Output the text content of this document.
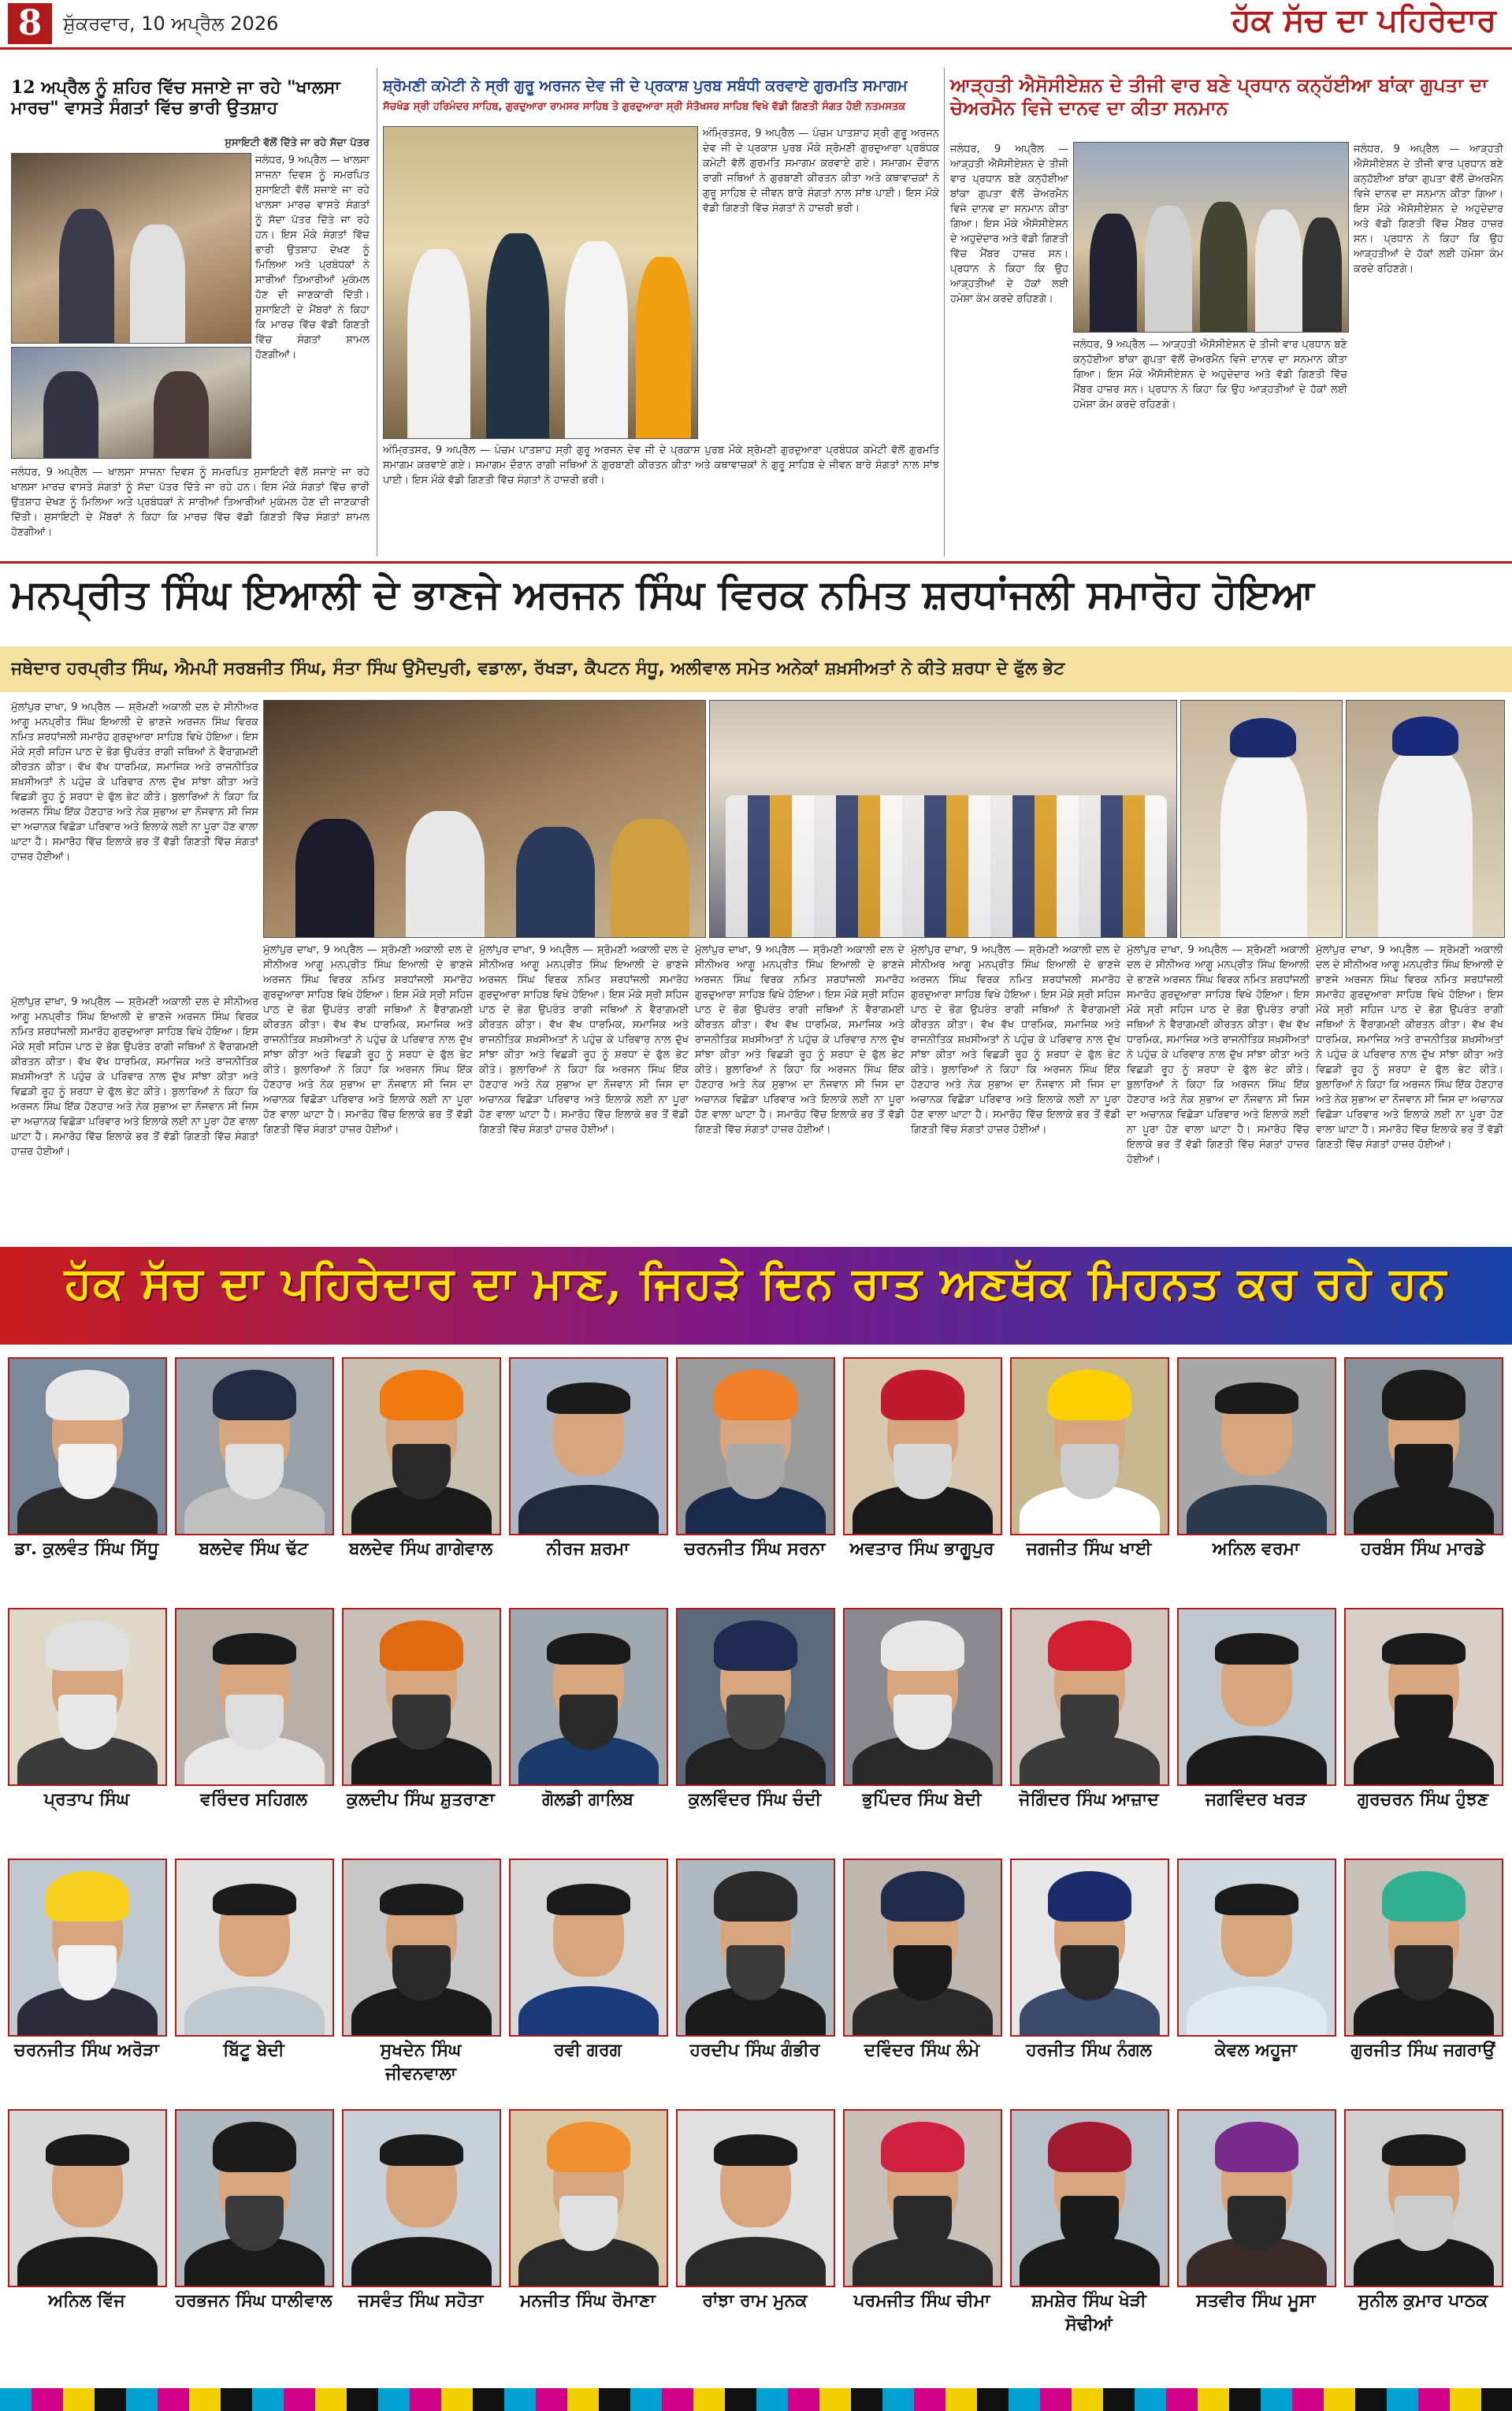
8	ਸ਼ੁੱਕਰਵਾਰ, 10 ਅਪ੍ਰੈਲ 2026	ਹੱਕ ਸੱਚ ਦਾ ਪਹਿਰੇਦਾਰ
12 ਅਪ੍ਰੈਲ ਨੂੰ ਸ਼ਹਿਰ ਵਿੱਚ ਸਜਾਏ ਜਾ ਰਹੇ "ਖਾਲਸਾ ਮਾਰਚ" ਵਾਸਤੇ ਸੰਗਤਾਂ ਵਿੱਚ ਭਾਰੀ ਉਤਸ਼ਾਹ
ਸੁਸਾਇਟੀ ਵੱਲੋਂ ਦਿੱਤੇ ਜਾ ਰਹੇ ਸੱਦਾ ਪੱਤਰ
ਜਲੰਧਰ, 9 ਅਪ੍ਰੈਲ — ਖਾਲਸਾ ਸਾਜਨਾ ਦਿਵਸ ਨੂੰ ਸਮਰਪਿਤ ਸੁਸਾਇਟੀ ਵੱਲੋਂ ਸਜਾਏ ਜਾ ਰਹੇ ਖਾਲਸਾ ਮਾਰਚ ਵਾਸਤੇ ਸੰਗਤਾਂ ਨੂੰ ਸੱਦਾ ਪੱਤਰ ਦਿੱਤੇ ਜਾ ਰਹੇ ਹਨ। ਇਸ ਮੌਕੇ ਸੰਗਤਾਂ ਵਿੱਚ ਭਾਰੀ ਉਤਸ਼ਾਹ ਦੇਖਣ ਨੂੰ ਮਿਲਿਆ ਅਤੇ ਪ੍ਰਬੰਧਕਾਂ ਨੇ ਸਾਰੀਆਂ ਤਿਆਰੀਆਂ ਮੁਕੰਮਲ ਹੋਣ ਦੀ ਜਾਣਕਾਰੀ ਦਿੱਤੀ। ਸੁਸਾਇਟੀ ਦੇ ਮੈਂਬਰਾਂ ਨੇ ਕਿਹਾ ਕਿ ਮਾਰਚ ਵਿੱਚ ਵੱਡੀ ਗਿਣਤੀ ਵਿੱਚ ਸੰਗਤਾਂ ਸ਼ਾਮਲ ਹੋਣਗੀਆਂ।
ਜਲੰਧਰ, 9 ਅਪ੍ਰੈਲ — ਖਾਲਸਾ ਸਾਜਨਾ ਦਿਵਸ ਨੂੰ ਸਮਰਪਿਤ ਸੁਸਾਇਟੀ ਵੱਲੋਂ ਸਜਾਏ ਜਾ ਰਹੇ ਖਾਲਸਾ ਮਾਰਚ ਵਾਸਤੇ ਸੰਗਤਾਂ ਨੂੰ ਸੱਦਾ ਪੱਤਰ ਦਿੱਤੇ ਜਾ ਰਹੇ ਹਨ। ਇਸ ਮੌਕੇ ਸੰਗਤਾਂ ਵਿੱਚ ਭਾਰੀ ਉਤਸ਼ਾਹ ਦੇਖਣ ਨੂੰ ਮਿਲਿਆ ਅਤੇ ਪ੍ਰਬੰਧਕਾਂ ਨੇ ਸਾਰੀਆਂ ਤਿਆਰੀਆਂ ਮੁਕੰਮਲ ਹੋਣ ਦੀ ਜਾਣਕਾਰੀ ਦਿੱਤੀ। ਸੁਸਾਇਟੀ ਦੇ ਮੈਂਬਰਾਂ ਨੇ ਕਿਹਾ ਕਿ ਮਾਰਚ ਵਿੱਚ ਵੱਡੀ ਗਿਣਤੀ ਵਿੱਚ ਸੰਗਤਾਂ ਸ਼ਾਮਲ ਹੋਣਗੀਆਂ।
ਸ਼੍ਰੋਮਣੀ ਕਮੇਟੀ ਨੇ ਸ੍ਰੀ ਗੁਰੂ ਅਰਜਨ ਦੇਵ ਜੀ ਦੇ ਪ੍ਰਕਾਸ਼ ਪੁਰਬ ਸਬੰਧੀ ਕਰਵਾਏ ਗੁਰਮਤਿ ਸਮਾਗਮ
ਸੱਚਖੰਡ ਸ੍ਰੀ ਹਰਿਮੰਦਰ ਸਾਹਿਬ, ਗੁਰਦੁਆਰਾ ਰਾਮਸਰ ਸਾਹਿਬ ਤੇ ਗੁਰਦੁਆਰਾ ਸ੍ਰੀ ਸੰਤੋਖਸਰ ਸਾਹਿਬ ਵਿਖੇ ਵੱਡੀ ਗਿਣਤੀ ਸੰਗਤ ਹੋਈ ਨਤਮਸਤਕ
ਅੰਮ੍ਰਿਤਸਰ, 9 ਅਪ੍ਰੈਲ — ਪੰਚਮ ਪਾਤਸ਼ਾਹ ਸ੍ਰੀ ਗੁਰੂ ਅਰਜਨ ਦੇਵ ਜੀ ਦੇ ਪ੍ਰਕਾਸ਼ ਪੁਰਬ ਮੌਕੇ ਸ਼੍ਰੋਮਣੀ ਗੁਰਦੁਆਰਾ ਪ੍ਰਬੰਧਕ ਕਮੇਟੀ ਵੱਲੋਂ ਗੁਰਮਤਿ ਸਮਾਗਮ ਕਰਵਾਏ ਗਏ। ਸਮਾਗਮ ਦੌਰਾਨ ਰਾਗੀ ਜਥਿਆਂ ਨੇ ਗੁਰਬਾਣੀ ਕੀਰਤਨ ਕੀਤਾ ਅਤੇ ਕਥਾਵਾਚਕਾਂ ਨੇ ਗੁਰੂ ਸਾਹਿਬ ਦੇ ਜੀਵਨ ਬਾਰੇ ਸੰਗਤਾਂ ਨਾਲ ਸਾਂਝ ਪਾਈ। ਇਸ ਮੌਕੇ ਵੱਡੀ ਗਿਣਤੀ ਵਿੱਚ ਸੰਗਤਾਂ ਨੇ ਹਾਜ਼ਰੀ ਭਰੀ।
ਅੰਮ੍ਰਿਤਸਰ, 9 ਅਪ੍ਰੈਲ — ਪੰਚਮ ਪਾਤਸ਼ਾਹ ਸ੍ਰੀ ਗੁਰੂ ਅਰਜਨ ਦੇਵ ਜੀ ਦੇ ਪ੍ਰਕਾਸ਼ ਪੁਰਬ ਮੌਕੇ ਸ਼੍ਰੋਮਣੀ ਗੁਰਦੁਆਰਾ ਪ੍ਰਬੰਧਕ ਕਮੇਟੀ ਵੱਲੋਂ ਗੁਰਮਤਿ ਸਮਾਗਮ ਕਰਵਾਏ ਗਏ। ਸਮਾਗਮ ਦੌਰਾਨ ਰਾਗੀ ਜਥਿਆਂ ਨੇ ਗੁਰਬਾਣੀ ਕੀਰਤਨ ਕੀਤਾ ਅਤੇ ਕਥਾਵਾਚਕਾਂ ਨੇ ਗੁਰੂ ਸਾਹਿਬ ਦੇ ਜੀਵਨ ਬਾਰੇ ਸੰਗਤਾਂ ਨਾਲ ਸਾਂਝ ਪਾਈ। ਇਸ ਮੌਕੇ ਵੱਡੀ ਗਿਣਤੀ ਵਿੱਚ ਸੰਗਤਾਂ ਨੇ ਹਾਜ਼ਰੀ ਭਰੀ।
ਆੜ੍ਹਤੀ ਐਸੋਸੀਏਸ਼ਨ ਦੇ ਤੀਜੀ ਵਾਰ ਬਣੇ ਪ੍ਰਧਾਨ ਕਨ੍ਹੱਈਆ ਬਾਂਕਾ ਗੁਪਤਾ ਦਾ ਚੇਅਰਮੈਨ ਵਿਜੇ ਦਾਨਵ ਦਾ ਕੀਤਾ ਸਨਮਾਨ
ਜਲੰਧਰ, 9 ਅਪ੍ਰੈਲ — ਆੜ੍ਹਤੀ ਐਸੋਸੀਏਸ਼ਨ ਦੇ ਤੀਜੀ ਵਾਰ ਪ੍ਰਧਾਨ ਬਣੇ ਕਨ੍ਹੱਈਆ ਬਾਂਕਾ ਗੁਪਤਾ ਵੱਲੋਂ ਚੇਅਰਮੈਨ ਵਿਜੇ ਦਾਨਵ ਦਾ ਸਨਮਾਨ ਕੀਤਾ ਗਿਆ। ਇਸ ਮੌਕੇ ਐਸੋਸੀਏਸ਼ਨ ਦੇ ਅਹੁਦੇਦਾਰ ਅਤੇ ਵੱਡੀ ਗਿਣਤੀ ਵਿੱਚ ਮੈਂਬਰ ਹਾਜ਼ਰ ਸਨ। ਪ੍ਰਧਾਨ ਨੇ ਕਿਹਾ ਕਿ ਉਹ ਆੜ੍ਹਤੀਆਂ ਦੇ ਹੱਕਾਂ ਲਈ ਹਮੇਸ਼ਾ ਕੰਮ ਕਰਦੇ ਰਹਿਣਗੇ।
ਜਲੰਧਰ, 9 ਅਪ੍ਰੈਲ — ਆੜ੍ਹਤੀ ਐਸੋਸੀਏਸ਼ਨ ਦੇ ਤੀਜੀ ਵਾਰ ਪ੍ਰਧਾਨ ਬਣੇ ਕਨ੍ਹੱਈਆ ਬਾਂਕਾ ਗੁਪਤਾ ਵੱਲੋਂ ਚੇਅਰਮੈਨ ਵਿਜੇ ਦਾਨਵ ਦਾ ਸਨਮਾਨ ਕੀਤਾ ਗਿਆ। ਇਸ ਮੌਕੇ ਐਸੋਸੀਏਸ਼ਨ ਦੇ ਅਹੁਦੇਦਾਰ ਅਤੇ ਵੱਡੀ ਗਿਣਤੀ ਵਿੱਚ ਮੈਂਬਰ ਹਾਜ਼ਰ ਸਨ। ਪ੍ਰਧਾਨ ਨੇ ਕਿਹਾ ਕਿ ਉਹ ਆੜ੍ਹਤੀਆਂ ਦੇ ਹੱਕਾਂ ਲਈ ਹਮੇਸ਼ਾ ਕੰਮ ਕਰਦੇ ਰਹਿਣਗੇ।
ਜਲੰਧਰ, 9 ਅਪ੍ਰੈਲ — ਆੜ੍ਹਤੀ ਐਸੋਸੀਏਸ਼ਨ ਦੇ ਤੀਜੀ ਵਾਰ ਪ੍ਰਧਾਨ ਬਣੇ ਕਨ੍ਹੱਈਆ ਬਾਂਕਾ ਗੁਪਤਾ ਵੱਲੋਂ ਚੇਅਰਮੈਨ ਵਿਜੇ ਦਾਨਵ ਦਾ ਸਨਮਾਨ ਕੀਤਾ ਗਿਆ। ਇਸ ਮੌਕੇ ਐਸੋਸੀਏਸ਼ਨ ਦੇ ਅਹੁਦੇਦਾਰ ਅਤੇ ਵੱਡੀ ਗਿਣਤੀ ਵਿੱਚ ਮੈਂਬਰ ਹਾਜ਼ਰ ਸਨ। ਪ੍ਰਧਾਨ ਨੇ ਕਿਹਾ ਕਿ ਉਹ ਆੜ੍ਹਤੀਆਂ ਦੇ ਹੱਕਾਂ ਲਈ ਹਮੇਸ਼ਾ ਕੰਮ ਕਰਦੇ ਰਹਿਣਗੇ।
ਮਨਪ੍ਰੀਤ ਸਿੰਘ ਇਆਲੀ ਦੇ ਭਾਣਜੇ ਅਰਜਨ ਸਿੰਘ ਵਿਰਕ ਨਮਿਤ ਸ਼ਰਧਾਂਜਲੀ ਸਮਾਰੋਹ ਹੋਇਆ
ਜਥੇਦਾਰ ਹਰਪ੍ਰੀਤ ਸਿੰਘ, ਐਮਪੀ ਸਰਬਜੀਤ ਸਿੰਘ, ਸੰਤਾ ਸਿੰਘ ਉਮੈਦਪੁਰੀ, ਵਡਾਲਾ, ਰੱਖੜਾ, ਕੈਪਟਨ ਸੰਧੂ, ਅਲੀਵਾਲ ਸਮੇਤ ਅਨੇਕਾਂ ਸ਼ਖ਼ਸੀਅਤਾਂ ਨੇ ਕੀਤੇ ਸ਼ਰਧਾ ਦੇ ਫੁੱਲ ਭੇਟ
ਮੁੱਲਾਂਪੁਰ ਦਾਖਾ, 9 ਅਪ੍ਰੈਲ — ਸ਼੍ਰੋਮਣੀ ਅਕਾਲੀ ਦਲ ਦੇ ਸੀਨੀਅਰ ਆਗੂ ਮਨਪ੍ਰੀਤ ਸਿੰਘ ਇਆਲੀ ਦੇ ਭਾਣਜੇ ਅਰਜਨ ਸਿੰਘ ਵਿਰਕ ਨਮਿਤ ਸ਼ਰਧਾਂਜਲੀ ਸਮਾਰੋਹ ਗੁਰਦੁਆਰਾ ਸਾਹਿਬ ਵਿਖੇ ਹੋਇਆ। ਇਸ ਮੌਕੇ ਸ੍ਰੀ ਸਹਿਜ ਪਾਠ ਦੇ ਭੋਗ ਉਪਰੰਤ ਰਾਗੀ ਜਥਿਆਂ ਨੇ ਵੈਰਾਗਮਈ ਕੀਰਤਨ ਕੀਤਾ। ਵੱਖ ਵੱਖ ਧਾਰਮਿਕ, ਸਮਾਜਿਕ ਅਤੇ ਰਾਜਨੀਤਿਕ ਸ਼ਖ਼ਸੀਅਤਾਂ ਨੇ ਪਹੁੰਚ ਕੇ ਪਰਿਵਾਰ ਨਾਲ ਦੁੱਖ ਸਾਂਝਾ ਕੀਤਾ ਅਤੇ ਵਿਛੜੀ ਰੂਹ ਨੂੰ ਸ਼ਰਧਾ ਦੇ ਫੁੱਲ ਭੇਟ ਕੀਤੇ। ਬੁਲਾਰਿਆਂ ਨੇ ਕਿਹਾ ਕਿ ਅਰਜਨ ਸਿੰਘ ਇੱਕ ਹੋਣਹਾਰ ਅਤੇ ਨੇਕ ਸੁਭਾਅ ਦਾ ਨੌਜਵਾਨ ਸੀ ਜਿਸ ਦਾ ਅਚਾਨਕ ਵਿਛੋੜਾ ਪਰਿਵਾਰ ਅਤੇ ਇਲਾਕੇ ਲਈ ਨਾ ਪੂਰਾ ਹੋਣ ਵਾਲਾ ਘਾਟਾ ਹੈ। ਸਮਾਰੋਹ ਵਿੱਚ ਇਲਾਕੇ ਭਰ ਤੋਂ ਵੱਡੀ ਗਿਣਤੀ ਵਿੱਚ ਸੰਗਤਾਂ ਹਾਜ਼ਰ ਹੋਈਆਂ।
ਮੁੱਲਾਂਪੁਰ ਦਾਖਾ, 9 ਅਪ੍ਰੈਲ — ਸ਼੍ਰੋਮਣੀ ਅਕਾਲੀ ਦਲ ਦੇ ਸੀਨੀਅਰ ਆਗੂ ਮਨਪ੍ਰੀਤ ਸਿੰਘ ਇਆਲੀ ਦੇ ਭਾਣਜੇ ਅਰਜਨ ਸਿੰਘ ਵਿਰਕ ਨਮਿਤ ਸ਼ਰਧਾਂਜਲੀ ਸਮਾਰੋਹ ਗੁਰਦੁਆਰਾ ਸਾਹਿਬ ਵਿਖੇ ਹੋਇਆ। ਇਸ ਮੌਕੇ ਸ੍ਰੀ ਸਹਿਜ ਪਾਠ ਦੇ ਭੋਗ ਉਪਰੰਤ ਰਾਗੀ ਜਥਿਆਂ ਨੇ ਵੈਰਾਗਮਈ ਕੀਰਤਨ ਕੀਤਾ। ਵੱਖ ਵੱਖ ਧਾਰਮਿਕ, ਸਮਾਜਿਕ ਅਤੇ ਰਾਜਨੀਤਿਕ ਸ਼ਖ਼ਸੀਅਤਾਂ ਨੇ ਪਹੁੰਚ ਕੇ ਪਰਿਵਾਰ ਨਾਲ ਦੁੱਖ ਸਾਂਝਾ ਕੀਤਾ ਅਤੇ ਵਿਛੜੀ ਰੂਹ ਨੂੰ ਸ਼ਰਧਾ ਦੇ ਫੁੱਲ ਭੇਟ ਕੀਤੇ। ਬੁਲਾਰਿਆਂ ਨੇ ਕਿਹਾ ਕਿ ਅਰਜਨ ਸਿੰਘ ਇੱਕ ਹੋਣਹਾਰ ਅਤੇ ਨੇਕ ਸੁਭਾਅ ਦਾ ਨੌਜਵਾਨ ਸੀ ਜਿਸ ਦਾ ਅਚਾਨਕ ਵਿਛੋੜਾ ਪਰਿਵਾਰ ਅਤੇ ਇਲਾਕੇ ਲਈ ਨਾ ਪੂਰਾ ਹੋਣ ਵਾਲਾ ਘਾਟਾ ਹੈ। ਸਮਾਰੋਹ ਵਿੱਚ ਇਲਾਕੇ ਭਰ ਤੋਂ ਵੱਡੀ ਗਿਣਤੀ ਵਿੱਚ ਸੰਗਤਾਂ ਹਾਜ਼ਰ ਹੋਈਆਂ।
ਮੁੱਲਾਂਪੁਰ ਦਾਖਾ, 9 ਅਪ੍ਰੈਲ — ਸ਼੍ਰੋਮਣੀ ਅਕਾਲੀ ਦਲ ਦੇ ਸੀਨੀਅਰ ਆਗੂ ਮਨਪ੍ਰੀਤ ਸਿੰਘ ਇਆਲੀ ਦੇ ਭਾਣਜੇ ਅਰਜਨ ਸਿੰਘ ਵਿਰਕ ਨਮਿਤ ਸ਼ਰਧਾਂਜਲੀ ਸਮਾਰੋਹ ਗੁਰਦੁਆਰਾ ਸਾਹਿਬ ਵਿਖੇ ਹੋਇਆ। ਇਸ ਮੌਕੇ ਸ੍ਰੀ ਸਹਿਜ ਪਾਠ ਦੇ ਭੋਗ ਉਪਰੰਤ ਰਾਗੀ ਜਥਿਆਂ ਨੇ ਵੈਰਾਗਮਈ ਕੀਰਤਨ ਕੀਤਾ। ਵੱਖ ਵੱਖ ਧਾਰਮਿਕ, ਸਮਾਜਿਕ ਅਤੇ ਰਾਜਨੀਤਿਕ ਸ਼ਖ਼ਸੀਅਤਾਂ ਨੇ ਪਹੁੰਚ ਕੇ ਪਰਿਵਾਰ ਨਾਲ ਦੁੱਖ ਸਾਂਝਾ ਕੀਤਾ ਅਤੇ ਵਿਛੜੀ ਰੂਹ ਨੂੰ ਸ਼ਰਧਾ ਦੇ ਫੁੱਲ ਭੇਟ ਕੀਤੇ। ਬੁਲਾਰਿਆਂ ਨੇ ਕਿਹਾ ਕਿ ਅਰਜਨ ਸਿੰਘ ਇੱਕ ਹੋਣਹਾਰ ਅਤੇ ਨੇਕ ਸੁਭਾਅ ਦਾ ਨੌਜਵਾਨ ਸੀ ਜਿਸ ਦਾ ਅਚਾਨਕ ਵਿਛੋੜਾ ਪਰਿਵਾਰ ਅਤੇ ਇਲਾਕੇ ਲਈ ਨਾ ਪੂਰਾ ਹੋਣ ਵਾਲਾ ਘਾਟਾ ਹੈ। ਸਮਾਰੋਹ ਵਿੱਚ ਇਲਾਕੇ ਭਰ ਤੋਂ ਵੱਡੀ ਗਿਣਤੀ ਵਿੱਚ ਸੰਗਤਾਂ ਹਾਜ਼ਰ ਹੋਈਆਂ।
ਮੁੱਲਾਂਪੁਰ ਦਾਖਾ, 9 ਅਪ੍ਰੈਲ — ਸ਼੍ਰੋਮਣੀ ਅਕਾਲੀ ਦਲ ਦੇ ਸੀਨੀਅਰ ਆਗੂ ਮਨਪ੍ਰੀਤ ਸਿੰਘ ਇਆਲੀ ਦੇ ਭਾਣਜੇ ਅਰਜਨ ਸਿੰਘ ਵਿਰਕ ਨਮਿਤ ਸ਼ਰਧਾਂਜਲੀ ਸਮਾਰੋਹ ਗੁਰਦੁਆਰਾ ਸਾਹਿਬ ਵਿਖੇ ਹੋਇਆ। ਇਸ ਮੌਕੇ ਸ੍ਰੀ ਸਹਿਜ ਪਾਠ ਦੇ ਭੋਗ ਉਪਰੰਤ ਰਾਗੀ ਜਥਿਆਂ ਨੇ ਵੈਰਾਗਮਈ ਕੀਰਤਨ ਕੀਤਾ। ਵੱਖ ਵੱਖ ਧਾਰਮਿਕ, ਸਮਾਜਿਕ ਅਤੇ ਰਾਜਨੀਤਿਕ ਸ਼ਖ਼ਸੀਅਤਾਂ ਨੇ ਪਹੁੰਚ ਕੇ ਪਰਿਵਾਰ ਨਾਲ ਦੁੱਖ ਸਾਂਝਾ ਕੀਤਾ ਅਤੇ ਵਿਛੜੀ ਰੂਹ ਨੂੰ ਸ਼ਰਧਾ ਦੇ ਫੁੱਲ ਭੇਟ ਕੀਤੇ। ਬੁਲਾਰਿਆਂ ਨੇ ਕਿਹਾ ਕਿ ਅਰਜਨ ਸਿੰਘ ਇੱਕ ਹੋਣਹਾਰ ਅਤੇ ਨੇਕ ਸੁਭਾਅ ਦਾ ਨੌਜਵਾਨ ਸੀ ਜਿਸ ਦਾ ਅਚਾਨਕ ਵਿਛੋੜਾ ਪਰਿਵਾਰ ਅਤੇ ਇਲਾਕੇ ਲਈ ਨਾ ਪੂਰਾ ਹੋਣ ਵਾਲਾ ਘਾਟਾ ਹੈ। ਸਮਾਰੋਹ ਵਿੱਚ ਇਲਾਕੇ ਭਰ ਤੋਂ ਵੱਡੀ ਗਿਣਤੀ ਵਿੱਚ ਸੰਗਤਾਂ ਹਾਜ਼ਰ ਹੋਈਆਂ।
ਮੁੱਲਾਂਪੁਰ ਦਾਖਾ, 9 ਅਪ੍ਰੈਲ — ਸ਼੍ਰੋਮਣੀ ਅਕਾਲੀ ਦਲ ਦੇ ਸੀਨੀਅਰ ਆਗੂ ਮਨਪ੍ਰੀਤ ਸਿੰਘ ਇਆਲੀ ਦੇ ਭਾਣਜੇ ਅਰਜਨ ਸਿੰਘ ਵਿਰਕ ਨਮਿਤ ਸ਼ਰਧਾਂਜਲੀ ਸਮਾਰੋਹ ਗੁਰਦੁਆਰਾ ਸਾਹਿਬ ਵਿਖੇ ਹੋਇਆ। ਇਸ ਮੌਕੇ ਸ੍ਰੀ ਸਹਿਜ ਪਾਠ ਦੇ ਭੋਗ ਉਪਰੰਤ ਰਾਗੀ ਜਥਿਆਂ ਨੇ ਵੈਰਾਗਮਈ ਕੀਰਤਨ ਕੀਤਾ। ਵੱਖ ਵੱਖ ਧਾਰਮਿਕ, ਸਮਾਜਿਕ ਅਤੇ ਰਾਜਨੀਤਿਕ ਸ਼ਖ਼ਸੀਅਤਾਂ ਨੇ ਪਹੁੰਚ ਕੇ ਪਰਿਵਾਰ ਨਾਲ ਦੁੱਖ ਸਾਂਝਾ ਕੀਤਾ ਅਤੇ ਵਿਛੜੀ ਰੂਹ ਨੂੰ ਸ਼ਰਧਾ ਦੇ ਫੁੱਲ ਭੇਟ ਕੀਤੇ। ਬੁਲਾਰਿਆਂ ਨੇ ਕਿਹਾ ਕਿ ਅਰਜਨ ਸਿੰਘ ਇੱਕ ਹੋਣਹਾਰ ਅਤੇ ਨੇਕ ਸੁਭਾਅ ਦਾ ਨੌਜਵਾਨ ਸੀ ਜਿਸ ਦਾ ਅਚਾਨਕ ਵਿਛੋੜਾ ਪਰਿਵਾਰ ਅਤੇ ਇਲਾਕੇ ਲਈ ਨਾ ਪੂਰਾ ਹੋਣ ਵਾਲਾ ਘਾਟਾ ਹੈ। ਸਮਾਰੋਹ ਵਿੱਚ ਇਲਾਕੇ ਭਰ ਤੋਂ ਵੱਡੀ ਗਿਣਤੀ ਵਿੱਚ ਸੰਗਤਾਂ ਹਾਜ਼ਰ ਹੋਈਆਂ।
ਮੁੱਲਾਂਪੁਰ ਦਾਖਾ, 9 ਅਪ੍ਰੈਲ — ਸ਼੍ਰੋਮਣੀ ਅਕਾਲੀ ਦਲ ਦੇ ਸੀਨੀਅਰ ਆਗੂ ਮਨਪ੍ਰੀਤ ਸਿੰਘ ਇਆਲੀ ਦੇ ਭਾਣਜੇ ਅਰਜਨ ਸਿੰਘ ਵਿਰਕ ਨਮਿਤ ਸ਼ਰਧਾਂਜਲੀ ਸਮਾਰੋਹ ਗੁਰਦੁਆਰਾ ਸਾਹਿਬ ਵਿਖੇ ਹੋਇਆ। ਇਸ ਮੌਕੇ ਸ੍ਰੀ ਸਹਿਜ ਪਾਠ ਦੇ ਭੋਗ ਉਪਰੰਤ ਰਾਗੀ ਜਥਿਆਂ ਨੇ ਵੈਰਾਗਮਈ ਕੀਰਤਨ ਕੀਤਾ। ਵੱਖ ਵੱਖ ਧਾਰਮਿਕ, ਸਮਾਜਿਕ ਅਤੇ ਰਾਜਨੀਤਿਕ ਸ਼ਖ਼ਸੀਅਤਾਂ ਨੇ ਪਹੁੰਚ ਕੇ ਪਰਿਵਾਰ ਨਾਲ ਦੁੱਖ ਸਾਂਝਾ ਕੀਤਾ ਅਤੇ ਵਿਛੜੀ ਰੂਹ ਨੂੰ ਸ਼ਰਧਾ ਦੇ ਫੁੱਲ ਭੇਟ ਕੀਤੇ। ਬੁਲਾਰਿਆਂ ਨੇ ਕਿਹਾ ਕਿ ਅਰਜਨ ਸਿੰਘ ਇੱਕ ਹੋਣਹਾਰ ਅਤੇ ਨੇਕ ਸੁਭਾਅ ਦਾ ਨੌਜਵਾਨ ਸੀ ਜਿਸ ਦਾ ਅਚਾਨਕ ਵਿਛੋੜਾ ਪਰਿਵਾਰ ਅਤੇ ਇਲਾਕੇ ਲਈ ਨਾ ਪੂਰਾ ਹੋਣ ਵਾਲਾ ਘਾਟਾ ਹੈ। ਸਮਾਰੋਹ ਵਿੱਚ ਇਲਾਕੇ ਭਰ ਤੋਂ ਵੱਡੀ ਗਿਣਤੀ ਵਿੱਚ ਸੰਗਤਾਂ ਹਾਜ਼ਰ ਹੋਈਆਂ।
ਮੁੱਲਾਂਪੁਰ ਦਾਖਾ, 9 ਅਪ੍ਰੈਲ — ਸ਼੍ਰੋਮਣੀ ਅਕਾਲੀ ਦਲ ਦੇ ਸੀਨੀਅਰ ਆਗੂ ਮਨਪ੍ਰੀਤ ਸਿੰਘ ਇਆਲੀ ਦੇ ਭਾਣਜੇ ਅਰਜਨ ਸਿੰਘ ਵਿਰਕ ਨਮਿਤ ਸ਼ਰਧਾਂਜਲੀ ਸਮਾਰੋਹ ਗੁਰਦੁਆਰਾ ਸਾਹਿਬ ਵਿਖੇ ਹੋਇਆ। ਇਸ ਮੌਕੇ ਸ੍ਰੀ ਸਹਿਜ ਪਾਠ ਦੇ ਭੋਗ ਉਪਰੰਤ ਰਾਗੀ ਜਥਿਆਂ ਨੇ ਵੈਰਾਗਮਈ ਕੀਰਤਨ ਕੀਤਾ। ਵੱਖ ਵੱਖ ਧਾਰਮਿਕ, ਸਮਾਜਿਕ ਅਤੇ ਰਾਜਨੀਤਿਕ ਸ਼ਖ਼ਸੀਅਤਾਂ ਨੇ ਪਹੁੰਚ ਕੇ ਪਰਿਵਾਰ ਨਾਲ ਦੁੱਖ ਸਾਂਝਾ ਕੀਤਾ ਅਤੇ ਵਿਛੜੀ ਰੂਹ ਨੂੰ ਸ਼ਰਧਾ ਦੇ ਫੁੱਲ ਭੇਟ ਕੀਤੇ। ਬੁਲਾਰਿਆਂ ਨੇ ਕਿਹਾ ਕਿ ਅਰਜਨ ਸਿੰਘ ਇੱਕ ਹੋਣਹਾਰ ਅਤੇ ਨੇਕ ਸੁਭਾਅ ਦਾ ਨੌਜਵਾਨ ਸੀ ਜਿਸ ਦਾ ਅਚਾਨਕ ਵਿਛੋੜਾ ਪਰਿਵਾਰ ਅਤੇ ਇਲਾਕੇ ਲਈ ਨਾ ਪੂਰਾ ਹੋਣ ਵਾਲਾ ਘਾਟਾ ਹੈ। ਸਮਾਰੋਹ ਵਿੱਚ ਇਲਾਕੇ ਭਰ ਤੋਂ ਵੱਡੀ ਗਿਣਤੀ ਵਿੱਚ ਸੰਗਤਾਂ ਹਾਜ਼ਰ ਹੋਈਆਂ।
ਮੁੱਲਾਂਪੁਰ ਦਾਖਾ, 9 ਅਪ੍ਰੈਲ — ਸ਼੍ਰੋਮਣੀ ਅਕਾਲੀ ਦਲ ਦੇ ਸੀਨੀਅਰ ਆਗੂ ਮਨਪ੍ਰੀਤ ਸਿੰਘ ਇਆਲੀ ਦੇ ਭਾਣਜੇ ਅਰਜਨ ਸਿੰਘ ਵਿਰਕ ਨਮਿਤ ਸ਼ਰਧਾਂਜਲੀ ਸਮਾਰੋਹ ਗੁਰਦੁਆਰਾ ਸਾਹਿਬ ਵਿਖੇ ਹੋਇਆ। ਇਸ ਮੌਕੇ ਸ੍ਰੀ ਸਹਿਜ ਪਾਠ ਦੇ ਭੋਗ ਉਪਰੰਤ ਰਾਗੀ ਜਥਿਆਂ ਨੇ ਵੈਰਾਗਮਈ ਕੀਰਤਨ ਕੀਤਾ। ਵੱਖ ਵੱਖ ਧਾਰਮਿਕ, ਸਮਾਜਿਕ ਅਤੇ ਰਾਜਨੀਤਿਕ ਸ਼ਖ਼ਸੀਅਤਾਂ ਨੇ ਪਹੁੰਚ ਕੇ ਪਰਿਵਾਰ ਨਾਲ ਦੁੱਖ ਸਾਂਝਾ ਕੀਤਾ ਅਤੇ ਵਿਛੜੀ ਰੂਹ ਨੂੰ ਸ਼ਰਧਾ ਦੇ ਫੁੱਲ ਭੇਟ ਕੀਤੇ। ਬੁਲਾਰਿਆਂ ਨੇ ਕਿਹਾ ਕਿ ਅਰਜਨ ਸਿੰਘ ਇੱਕ ਹੋਣਹਾਰ ਅਤੇ ਨੇਕ ਸੁਭਾਅ ਦਾ ਨੌਜਵਾਨ ਸੀ ਜਿਸ ਦਾ ਅਚਾਨਕ ਵਿਛੋੜਾ ਪਰਿਵਾਰ ਅਤੇ ਇਲਾਕੇ ਲਈ ਨਾ ਪੂਰਾ ਹੋਣ ਵਾਲਾ ਘਾਟਾ ਹੈ। ਸਮਾਰੋਹ ਵਿੱਚ ਇਲਾਕੇ ਭਰ ਤੋਂ ਵੱਡੀ ਗਿਣਤੀ ਵਿੱਚ ਸੰਗਤਾਂ ਹਾਜ਼ਰ ਹੋਈਆਂ।
ਹੱਕ ਸੱਚ ਦਾ ਪਹਿਰੇਦਾਰ ਦਾ ਮਾਣ, ਜਿਹੜੇ ਦਿਨ ਰਾਤ ਅਣਥੱਕ ਮਿਹਨਤ ਕਰ ਰਹੇ ਹਨ
ਡਾ. ਕੁਲਵੰਤ ਸਿੰਘ ਸਿੱਧੂ	ਬਲਦੇਵ ਸਿੰਘ ਢੱਟ	ਬਲਦੇਵ ਸਿੰਘ ਗਾਗੇਵਾਲ	ਨੀਰਜ ਸ਼ਰਮਾ	ਚਰਨਜੀਤ ਸਿੰਘ ਸਰਨਾ	ਅਵਤਾਰ ਸਿੰਘ ਭਾਗੂਪੁਰ	ਜਗਜੀਤ ਸਿੰਘ ਖਾਈ	ਅਨਿਲ ਵਰਮਾ	ਹਰਬੰਸ ਸਿੰਘ ਮਾਰਡੇ
ਪ੍ਰਤਾਪ ਸਿੰਘ	ਵਰਿੰਦਰ ਸਹਿਗਲ	ਕੁਲਦੀਪ ਸਿੰਘ ਸ਼ੁਤਰਾਣਾ	ਗੋਲਡੀ ਗਾਲਿਬ	ਕੁਲਵਿੰਦਰ ਸਿੰਘ ਚੰਦੀ	ਭੁਪਿੰਦਰ ਸਿੰਘ ਬੇਦੀ	ਜੋਗਿੰਦਰ ਸਿੰਘ ਆਜ਼ਾਦ	ਜਗਵਿੰਦਰ ਖਰੜ	ਗੁਰਚਰਨ ਸਿੰਘ ਹੁੰਝਣ
ਚਰਨਜੀਤ ਸਿੰਘ ਅਰੋੜਾ	ਬਿੱਟੂ ਬੇਦੀ	ਸੁਖਦੇਨ ਸਿੰਘ ਜੀਵਨਵਾਲਾ
ਰਵੀ ਗਰਗ	ਹਰਦੀਪ ਸਿੰਘ ਗੰਭੀਰ	ਦਵਿੰਦਰ ਸਿੰਘ ਲੰਮੇ	ਹਰਜੀਤ ਸਿੰਘ ਨੰਗਲ	ਕੇਵਲ ਅਹੂਜਾ	ਗੁਰਜੀਤ ਸਿੰਘ ਜਗਰਾਉਂ
ਅਨਿਲ ਵਿੱਜ	ਹਰਭਜਨ ਸਿੰਘ ਧਾਲੀਵਾਲ	ਜਸਵੰਤ ਸਿੰਘ ਸਹੋਤਾ	ਮਨਜੀਤ ਸਿੰਘ ਰੋਮਾਣਾ	ਰਾਂਝਾ ਰਾਮ ਮੁਨਕ	ਪਰਮਜੀਤ ਸਿੰਘ ਚੀਮਾ	ਸ਼ਮਸ਼ੇਰ ਸਿੰਘ ਖੇੜੀ ਸੋਢੀਆਂ
ਸਤਵੀਰ ਸਿੰਘ ਮੂਸਾ	ਸੁਨੀਲ ਕੁਮਾਰ ਪਾਠਕ
